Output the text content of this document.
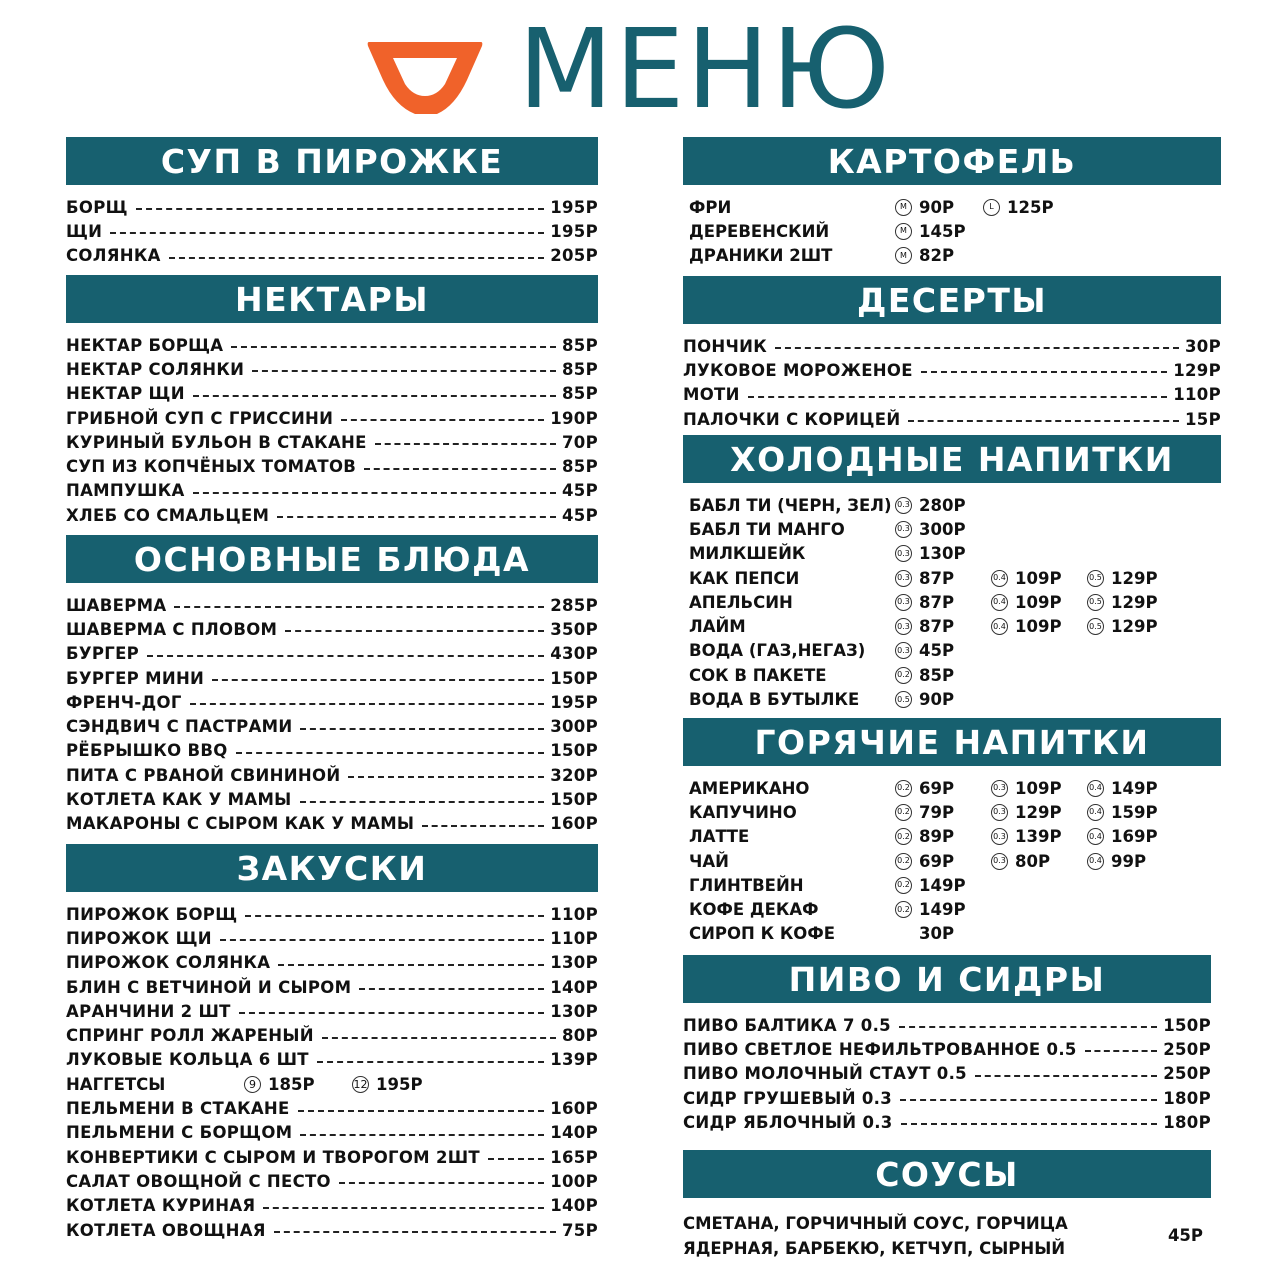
МЕНЮ
СУП В ПИРОЖКЕ
БОРЩ	195Р
ЩИ	195Р
СОЛЯНКА	205Р
НЕКТАРЫ
НЕКТАР БОРЩА	85Р
НЕКТАР СОЛЯНКИ	85Р
НЕКТАР ЩИ	85Р
ГРИБНОЙ СУП С ГРИССИНИ	190Р
КУРИНЫЙ БУЛЬОН В СТАКАНЕ	70Р
СУП ИЗ КОПЧЁНЫХ ТОМАТОВ	85Р
ПАМПУШКА	45Р
ХЛЕБ СО СМАЛЬЦЕМ	45Р
ОСНОВНЫЕ БЛЮДА
ШАВЕРМА	285Р
ШАВЕРМА С ПЛОВОМ	350Р
БУРГЕР	430Р
БУРГЕР МИНИ	150Р
ФРЕНЧ-ДОГ	195Р
СЭНДВИЧ С ПАСТРАМИ	300Р
РЁБРЫШКО BBQ	150Р
ПИТА С РВАНОЙ СВИНИНОЙ	320Р
КОТЛЕТА КАК У МАМЫ	150Р
МАКАРОНЫ С СЫРОМ КАК У МАМЫ	160Р
ЗАКУСКИ
ПИРОЖОК БОРЩ	110Р
ПИРОЖОК ЩИ	110Р
ПИРОЖОК СОЛЯНКА	130Р
БЛИН С ВЕТЧИНОЙ И СЫРОМ	140Р
АРАНЧИНИ 2 ШТ	130Р
СПРИНГ РОЛЛ ЖАРЕНЫЙ	80Р
ЛУКОВЫЕ КОЛЬЦА 6 ШТ	139Р
НАГГЕТСЫ	9 185Р	12 195Р
ПЕЛЬМЕНИ В СТАКАНЕ	160Р
ПЕЛЬМЕНИ С БОРЩОМ	140Р
КОНВЕРТИКИ С СЫРОМ И ТВОРОГОМ 2ШТ	165Р
САЛАТ ОВОЩНОЙ С ПЕСТО	100Р
КОТЛЕТА КУРИНАЯ	140Р
КОТЛЕТА ОВОЩНАЯ	75Р
КАРТОФЕЛЬ
ФРИ	M 90Р	L 125Р
ДЕРЕВЕНСКИЙ	M 145Р
ДРАНИКИ 2ШТ	M 82Р
ДЕСЕРТЫ
ПОНЧИК	30Р
ЛУКОВОЕ МОРОЖЕНОЕ	129Р
МОТИ	110Р
ПАЛОЧКИ С КОРИЦЕЙ	15Р
ХОЛОДНЫЕ НАПИТКИ
БАБЛ ТИ (ЧЕРН, ЗЕЛ) 0.3 280Р
БАБЛ ТИ МАНГО	0.3 300Р
МИЛКШЕЙК	0.3 130Р
КАК ПЕПСИ	0.3 87Р	0.4 109Р	0.5 129Р
АПЕЛЬСИН	0.3 87Р	0.4 109Р	0.5 129Р
ЛАЙМ	0.3 87Р	0.4 109Р	0.5 129Р
ВОДА (ГАЗ,НЕГАЗ)	0.3 45Р
СОК В ПАКЕТЕ	0.2 85Р
ВОДА В БУТЫЛКЕ	0.5 90Р
ГОРЯЧИЕ НАПИТКИ
АМЕРИКАНО	0.2 69Р	0.3 109Р	0.4 149Р
КАПУЧИНО	0.2 79Р	0.3 129Р	0.4 159Р
ЛАТТЕ	0.2 89Р	0.3 139Р	0.4 169Р
ЧАЙ	0.2 69Р	0.3 80Р	0.4 99Р
ГЛИНТВЕЙН	0.2 149Р
КОФЕ ДЕКАФ	0.2 149Р
СИРОП К КОФЕ	30Р
ПИВО И СИДРЫ
ПИВО БАЛТИКА 7 0.5	150Р
ПИВО СВЕТЛОЕ НЕФИЛЬТРОВАННОЕ 0.5	250Р
ПИВО МОЛОЧНЫЙ СТАУТ 0.5	250Р
СИДР ГРУШЕВЫЙ 0.3	180Р
СИДР ЯБЛОЧНЫЙ 0.3	180Р
СОУСЫ
СМЕТАНА, ГОРЧИЧНЫЙ СОУС, ГОРЧИЦА
ЯДЕРНАЯ, БАРБЕКЮ, КЕТЧУП, СЫРНЫЙ
45Р
